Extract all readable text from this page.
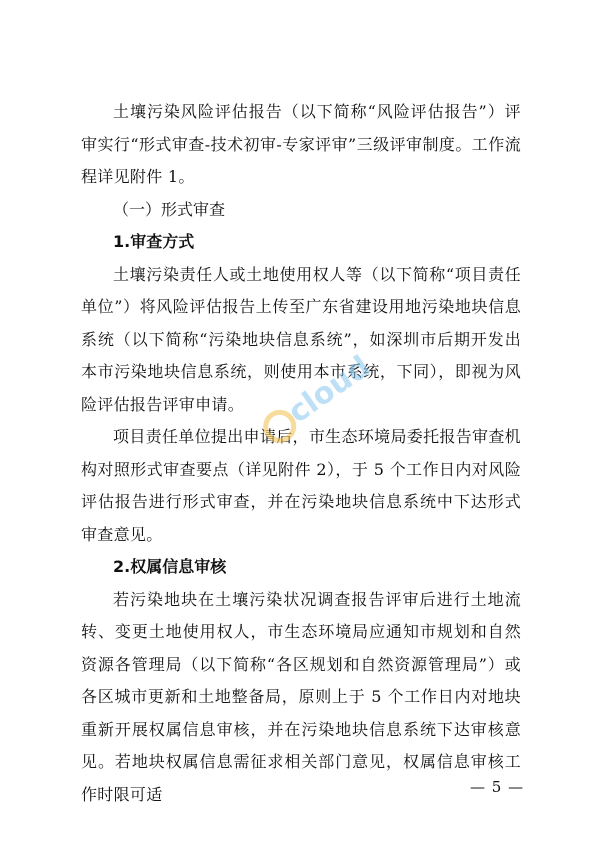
土壤污染风险评估报告（以下简称“风险评估报告”）评审实行“形式审查-技术初审-专家评审”三级评审制度。工作流程详见附件 1。

（一）形式审查

1.审查方式

土壤污染责任人或土地使用权人等（以下简称“项目责任单位”）将风险评估报告上传至广东省建设用地污染地块信息系统（以下简称“污染地块信息系统”，如深圳市后期开发出本市污染地块信息系统，则使用本市系统，下同），即视为风险评估报告评审申请。

项目责任单位提出申请后，市生态环境局委托报告审查机构对照形式审查要点（详见附件 2），于 5 个工作日内对风险评估报告进行形式审查，并在污染地块信息系统中下达形式审查意见。

2.权属信息审核

若污染地块在土壤污染状况调查报告评审后进行土地流转、变更土地使用权人，市生态环境局应通知市规划和自然资源各管理局（以下简称“各区规划和自然资源管理局”）或各区城市更新和土地整备局，原则上于 5 个工作日内对地块重新开展权属信息审核，并在污染地块信息系统下达审核意见。若地块权属信息需征求相关部门意见，权属信息审核工作时限可适

cloud
— 5 —
